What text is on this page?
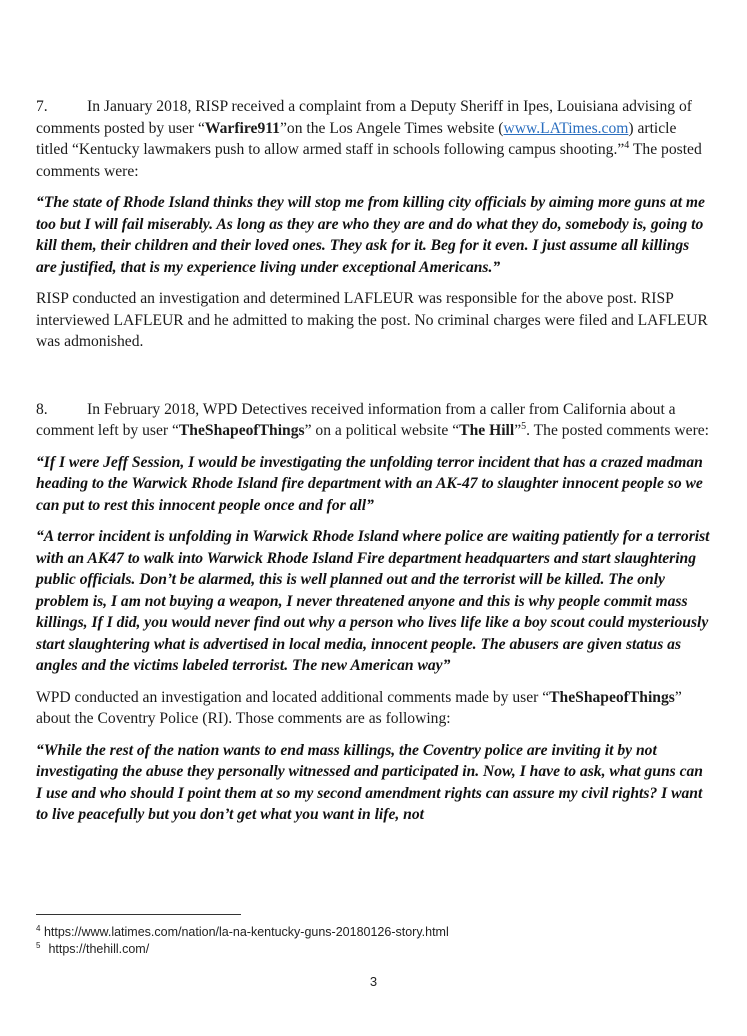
7.	In January 2018, RISP received a complaint from a Deputy Sheriff in Ipes, Louisiana advising of comments posted by user “Warfire911”on the Los Angele Times website (www.LATimes.com) article titled “Kentucky lawmakers push to allow armed staff in schools following campus shooting.”$^4$ The posted comments were:

“The state of Rhode Island thinks they will stop me from killing city officials by aiming more guns at me too but I will fail miserably. As long as they are who they are and do what they do, somebody is, going to kill them, their children and their loved ones. They ask for it. Beg for it even. I just assume all killings are justified, that is my experience living under exceptional Americans.”

RISP conducted an investigation and determined LAFLEUR was responsible for the above post. RISP interviewed LAFLEUR and he admitted to making the post. No criminal charges were filed and LAFLEUR was admonished.

8.	In February 2018, WPD Detectives received information from a caller from California about a comment left by user “TheShapeofThings” on a political website “The Hill”$^5$. The posted comments were:

“If I were Jeff Session, I would be investigating the unfolding terror incident that has a crazed madman heading to the Warwick Rhode Island fire department with an AK-47 to slaughter innocent people so we can put to rest this innocent people once and for all”

“A terror incident is unfolding in Warwick Rhode Island where police are waiting patiently for a terrorist with an AK47 to walk into Warwick Rhode Island Fire department headquarters and start slaughtering public officials. Don’t be alarmed, this is well planned out and the terrorist will be killed. The only problem is, I am not buying a weapon, I never threatened anyone and this is why people commit mass killings, If I did, you would never find out why a person who lives life like a boy scout could mysteriously start slaughtering what is advertised in local media, innocent people. The abusers are given status as angles and the victims labeled terrorist. The new American way”

WPD conducted an investigation and located additional comments made by user “TheShapeofThings” about the Coventry Police (RI). Those comments are as following:

“While the rest of the nation wants to end mass killings, the Coventry police are inviting it by not investigating the abuse they personally witnessed and participated in. Now, I have to ask, what guns can I use and who should I point them at so my second amendment rights can assure my civil rights? I want to live peacefully but you don’t get what you want in life, not

$^4$ https://www.latimes.com/nation/la-na-kentucky-guns-20180126-story.html
$^5$ https://thehill.com/
3
